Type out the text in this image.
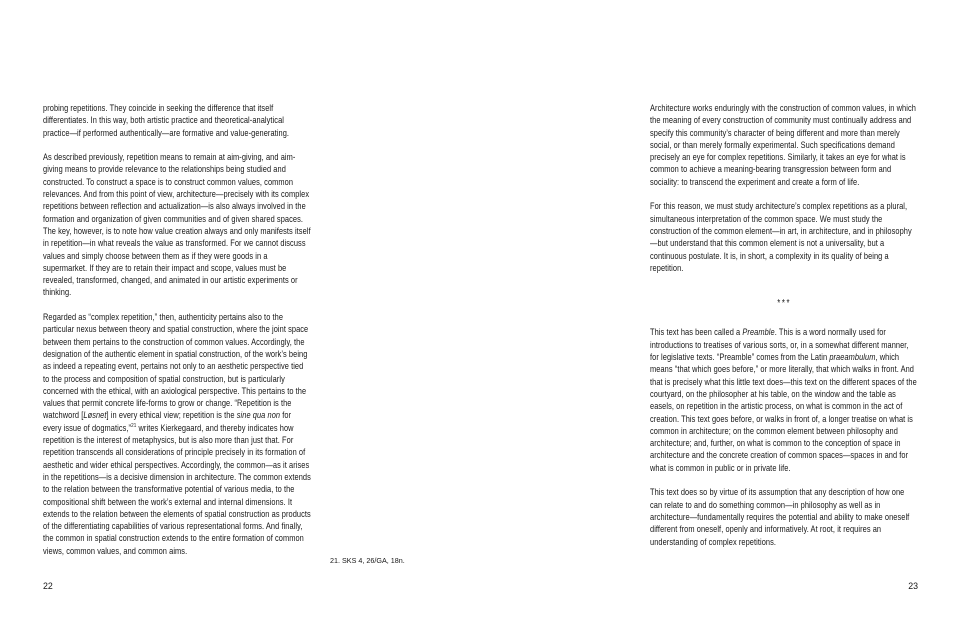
probing repetitions. They coincide in seeking the difference that itself differentiates. In this way, both artistic practice and theoretical-analytical practice—if performed authentically—are formative and value-generating.

As described previously, repetition means to remain at aim-giving, and aim-giving means to provide relevance to the relationships being studied and constructed. To construct a space is to construct common values, common relevances. And from this point of view, architecture—precisely with its complex repetitions between reflection and actualization—is also always involved in the formation and organization of given communities and of given shared spaces. The key, however, is to note how value creation always and only manifests itself in repetition—in what reveals the value as transformed. For we cannot discuss values and simply choose between them as if they were goods in a supermarket. If they are to retain their impact and scope, values must be revealed, transformed, changed, and animated in our artistic experiments or thinking.

Regarded as “complex repetition,” then, authenticity pertains also to the particular nexus between theory and spatial construction, where the joint space between them pertains to the construction of common values. Accordingly, the designation of the authentic element in spatial construction, of the work’s being as indeed a repeating event, pertains not only to an aesthetic perspective tied to the process and composition of spatial construction, but is particularly concerned with the ethical, with an axiological perspective. This pertains to the values that permit concrete life-forms to grow or change. “Repetition is the watchword [Løsnet] in every ethical view; repetition is the sine qua non for every issue of dogmatics,”$^{21}$ writes Kierkegaard, and thereby indicates how repetition is the interest of metaphysics, but is also more than just that. For repetition transcends all considerations of principle precisely in its formation of aesthetic and wider ethical perspectives. Accordingly, the common—as it arises in the repetitions—is a decisive dimension in architecture. The common extends to the relation between the transformative potential of various media, to the compositional shift between the work’s external and internal dimensions. It extends to the relation between the elements of spatial construction as products of the differentiating capabilities of various representational forms. And finally, the common in spatial construction extends to the entire formation of common views, common values, and common aims.

21. SKS 4, 26/GA, 18n.
22

Architecture works enduringly with the construction of common values, in which the meaning of every construction of community must continually address and specify this community’s character of being different and more than merely social, or than merely formally experimental. Such specifications demand precisely an eye for complex repetitions. Similarly, it takes an eye for what is common to achieve a meaning-bearing transgression between form and sociality: to transcend the experiment and create a form of life.

For this reason, we must study architecture’s complex repetitions as a plural, simultaneous interpretation of the common space. We must study the construction of the common element—in art, in architecture, and in philosophy—but understand that this common element is not a universality, but a continuous postulate. It is, in short, a complexity in its quality of being a repetition.

***

This text has been called a Preamble. This is a word normally used for introductions to treatises of various sorts, or, in a somewhat different manner, for legislative texts. “Preamble” comes from the Latin praeambulum, which means “that which goes before,” or more literally, that which walks in front. And that is precisely what this little text does—this text on the different spaces of the courtyard, on the philosopher at his table, on the window and the table as easels, on repetition in the artistic process, on what is common in the act of creation. This text goes before, or walks in front of, a longer treatise on what is common in architecture; on the common element between philosophy and architecture; and, further, on what is common to the conception of space in architecture and the concrete creation of common spaces—spaces in and for what is common in public or in private life.

This text does so by virtue of its assumption that any description of how one can relate to and do something common—in philosophy as well as in architecture—fundamentally requires the potential and ability to make oneself different from oneself, openly and informatively. At root, it requires an understanding of complex repetitions.

23
